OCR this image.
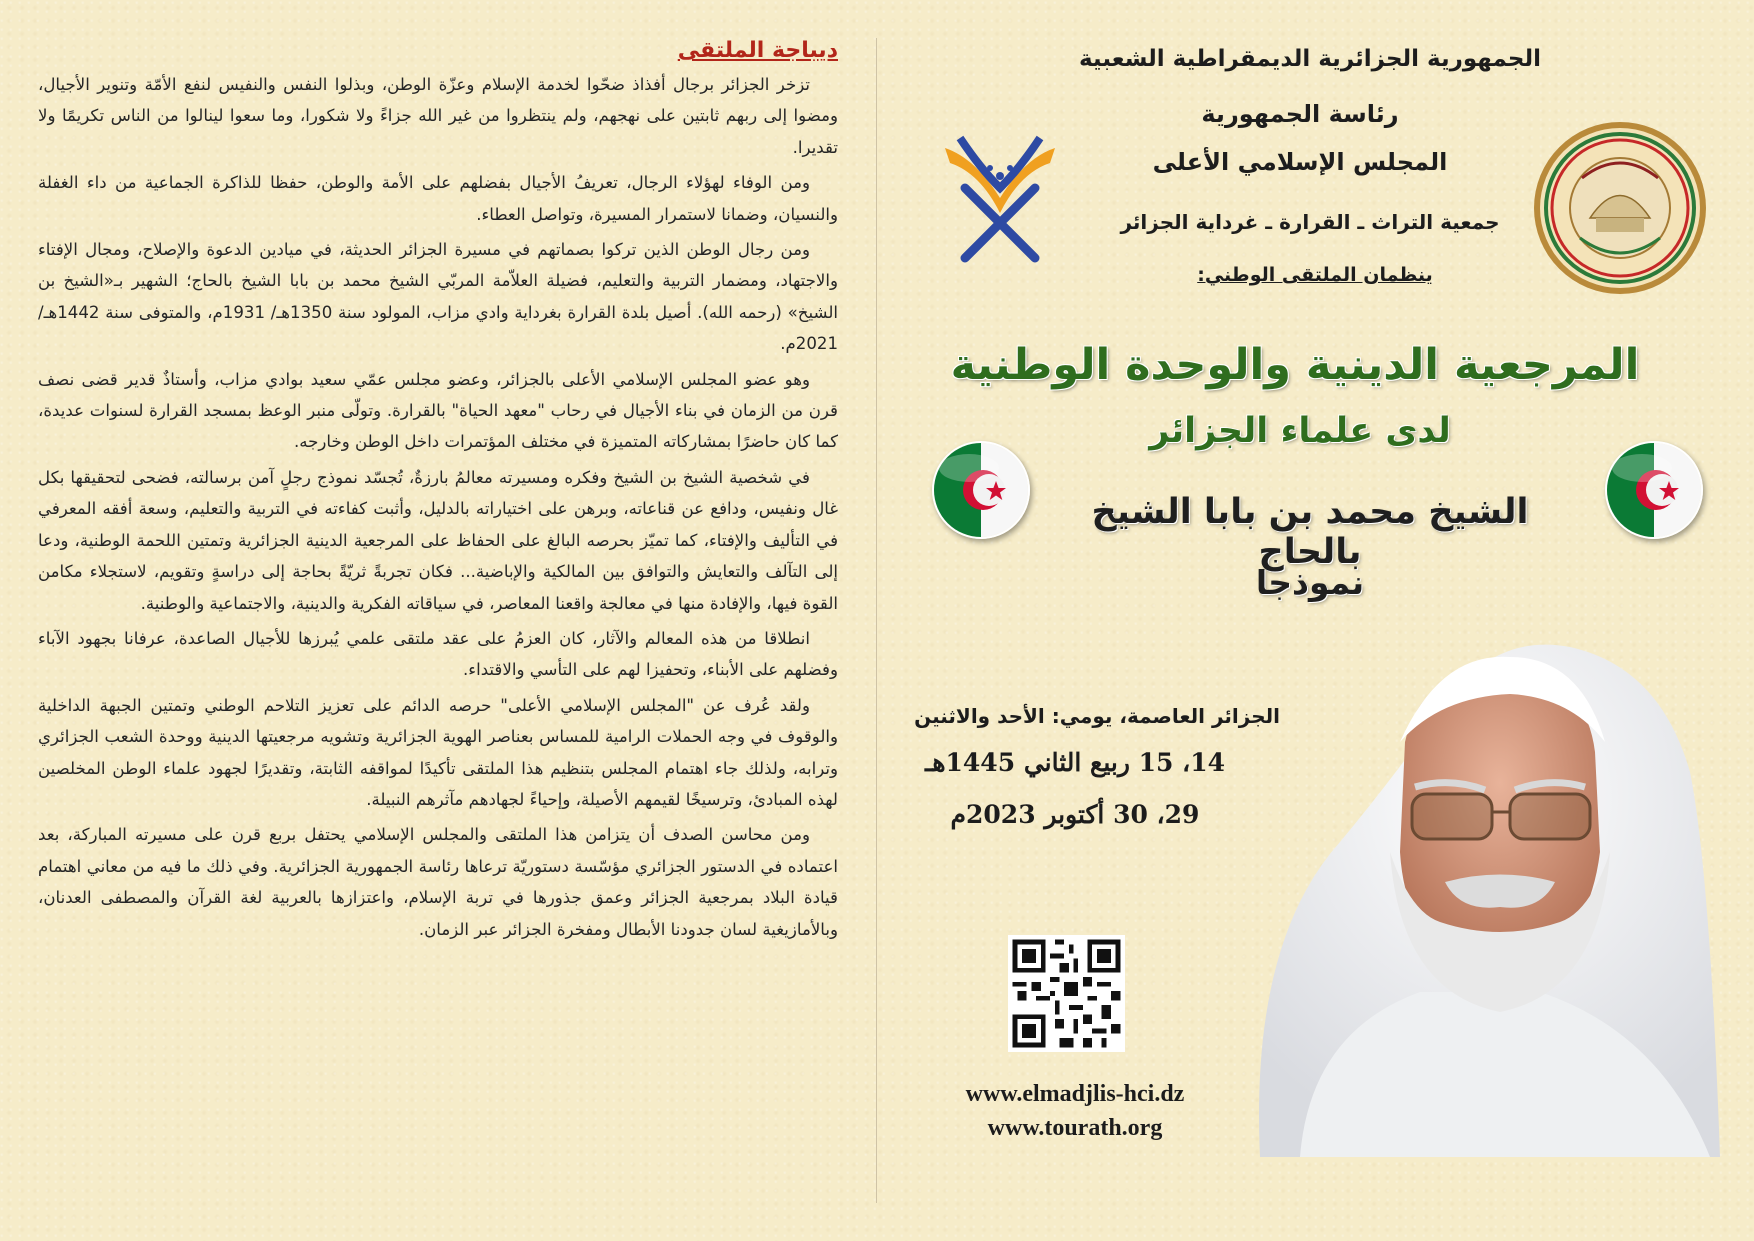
ديباجة الملتقى

تزخر الجزائر برجال أفذاذ ضحّوا لخدمة الإسلام وعزّة الوطن، وبذلوا النفس والنفيس لنفع الأمّة وتنوير الأجيال، ومضوا إلى ربهم ثابتين على نهجهم، ولم ينتظروا من غير الله جزاءً ولا شكورا، وما سعوا لينالوا من الناس تكريمًا ولا تقديرا.

ومن الوفاء لهؤلاء الرجال، تعريفُ الأجيال بفضلهم على الأمة والوطن، حفظا للذاكرة الجماعية من داء الغفلة والنسيان، وضمانا لاستمرار المسيرة، وتواصل العطاء.

ومن رجال الوطن الذين تركوا بصماتهم في مسيرة الجزائر الحديثة، في ميادين الدعوة والإصلاح، ومجال الإفتاء والاجتهاد، ومضمار التربية والتعليم، فضيلة العلاّمة المربّي الشيخ محمد بن بابا الشيخ بالحاج؛ الشهير بـ«الشيخ بن الشيخ» (رحمه الله). أصيل بلدة القرارة بغرداية وادي مزاب، المولود سنة 1350هـ/ 1931م، والمتوفى سنة 1442هـ/ 2021م.

وهو عضو المجلس الإسلامي الأعلى بالجزائر، وعضو مجلس عمّي سعيد بوادي مزاب، وأستاذٌ قدير قضى نصف قرن من الزمان في بناء الأجيال في رحاب "معهد الحياة" بالقرارة. وتولّى منبر الوعظ بمسجد القرارة لسنوات عديدة، كما كان حاضرًا بمشاركاته المتميزة في مختلف المؤتمرات داخل الوطن وخارجه.

في شخصية الشيخ بن الشيخ وفكره ومسيرته معالمُ بارزةٌ، تُجسّد نموذج رجلٍ آمن برسالته، فضحى لتحقيقها بكل غال ونفيس، ودافع عن قناعاته، وبرهن على اختياراته بالدليل، وأثبت كفاءته في التربية والتعليم، وسعة أفقه المعرفي في التأليف والإفتاء، كما تميّز بحرصه البالغ على الحفاظ على المرجعية الدينية الجزائرية وتمتين اللحمة الوطنية، ودعا إلى التآلف والتعايش والتوافق بين المالكية والإباضية... فكان تجربةً ثريّةً بحاجة إلى دراسةٍ وتقويم، لاستجلاء مكامن القوة فيها، والإفادة منها في معالجة واقعنا المعاصر، في سياقاته الفكرية والدينية، والاجتماعية والوطنية.

انطلاقا من هذه المعالم والآثار، كان العزمُ على عقد ملتقى علمي يُبرزها للأجيال الصاعدة، عرفانا بجهود الآباء وفضلهم على الأبناء، وتحفيزا لهم على التأسي والاقتداء.

ولقد عُرف عن "المجلس الإسلامي الأعلى" حرصه الدائم على تعزيز التلاحم الوطني وتمتين الجبهة الداخلية والوقوف في وجه الحملات الرامية للمساس بعناصر الهوية الجزائرية وتشويه مرجعيتها الدينية ووحدة الشعب الجزائري وترابه، ولذلك جاء اهتمام المجلس بتنظيم هذا الملتقى تأكيدًا لمواقفه الثابتة، وتقديرًا لجهود علماء الوطن المخلصين لهذه المبادئ، وترسيخًا لقيمهم الأصيلة، وإحياءً لجهادهم مآثرهم النبيلة.

ومن محاسن الصدف أن يتزامن هذا الملتقى والمجلس الإسلامي يحتفل بربع قرن على مسيرته المباركة، بعد اعتماده في الدستور الجزائري مؤسّسة دستوريّة ترعاها رئاسة الجمهورية الجزائرية. وفي ذلك ما فيه من معاني اهتمام قيادة البلاد بمرجعية الجزائر وعمق جذورها في تربة الإسلام، واعتزازها بالعربية لغة القرآن والمصطفى العدنان، وبالأمازيغية لسان جدودنا الأبطال ومفخرة الجزائر عبر الزمان.

الجمهورية الجزائرية الديمقراطية الشعبية
رئاسة الجمهورية
المجلس الإسلامي الأعلى
جمعية التراث ـ القرارة ـ غرداية الجزائر
ينظمان الملتقى الوطني:
المرجعية الدينية والوحدة الوطنية
لدى علماء الجزائر
الشيخ محمد بن بابا الشيخ بالحاج
نموذجا
الجزائر العاصمة، يومي: الأحد والاثنين
14، 15 ربيع الثاني 1445هـ
29، 30 أكتوبر 2023م
www.elmadjlis-hci.dz
www.tourath.org
